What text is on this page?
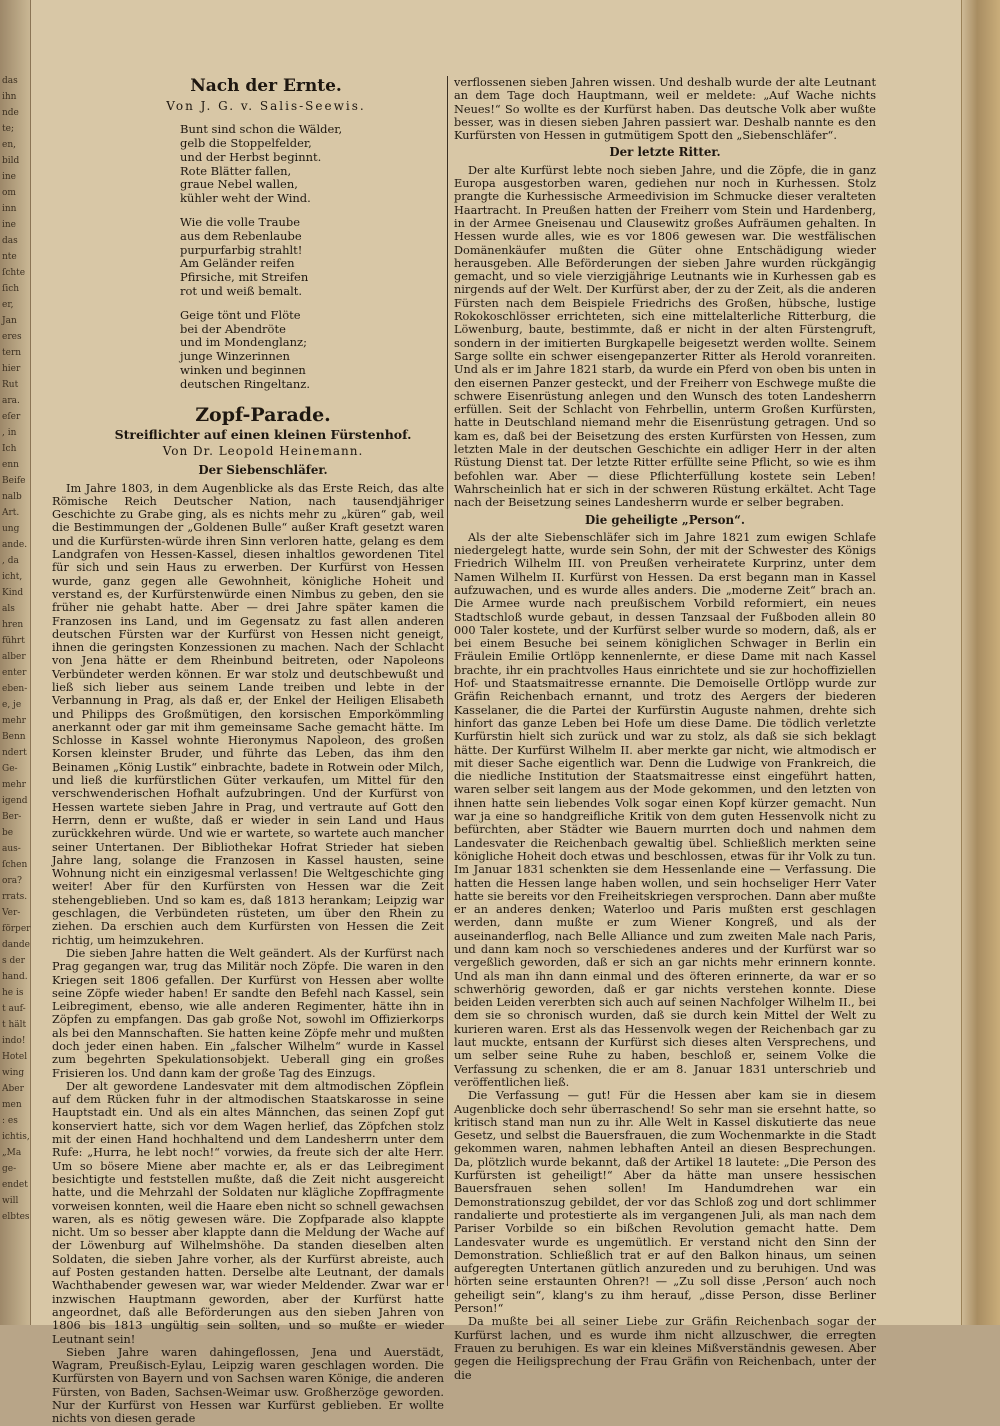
das
ihn
nde
te;
en,
bild
ine
om
inn
ine
das
nte
ſchte
ſich
er,
Jan
eres
tern
hier
Rut
ara.
eſer
, in
Ich
enn
Beife
nalb
Art.
ung
ande.
, da
icht,
Kind
als
hren
führt
alber
enter
eben-
e, je
mehr
Benn
ndert
Ge-
mehr
igend
Ber-
be
aus-
ſchen
ora?
rrats.
Ver-
förper
dande
s der
hand.
he is
t auf-
t hält
indo!
Hotel
wing
Aber
men
: es
ichtis,
„Ma
ge-
endet
will
elbtes
Nach der Ernte.
Von J. G. v. Salis-Seewis.
Bunt sind schon die Wälder,
gelb die Stoppelfelder,
und der Herbst beginnt.
Rote Blätter fallen,
graue Nebel wallen,
kühler weht der Wind.
Wie die volle Traube
aus dem Rebenlaube
purpurfarbig strahlt!
Am Geländer reifen
Pfirsiche, mit Streifen
rot und weiß bemalt.
Geige tönt und Flöte
bei der Abendröte
und im Mondenglanz;
junge Winzerinnen
winken und beginnen
deutschen Ringeltanz.
Zopf-Parade.
Streiflichter auf einen kleinen Fürstenhof.
Von Dr. Leopold Heinemann.
Der Siebenschläfer.

Im Jahre 1803, in dem Augenblicke als das Erste Reich, das alte Römische Reich Deutscher Nation, nach tausendjähriger Geschichte zu Grabe ging, als es nichts mehr zu „küren“ gab, weil die Bestimmungen der „Goldenen Bulle“ außer Kraft gesetzt waren und die Kurfürsten-würde ihren Sinn verloren hatte, gelang es dem Landgrafen von Hessen-Kassel, diesen inhaltlos gewordenen Titel für sich und sein Haus zu erwerben. Der Kurfürst von Hessen wurde, ganz gegen alle Gewohnheit, königliche Hoheit und verstand es, der Kurfürstenwürde einen Nimbus zu geben, den sie früher nie gehabt hatte. Aber — drei Jahre später kamen die Franzosen ins Land, und im Gegensatz zu fast allen anderen deutschen Fürsten war der Kurfürst von Hessen nicht geneigt, ihnen die geringsten Konzessionen zu machen. Nach der Schlacht von Jena hätte er dem Rheinbund beitreten, oder Napoleons Verbündeter werden können. Er war stolz und deutschbewußt und ließ sich lieber aus seinem Lande treiben und lebte in der Verbannung in Prag, als daß er, der Enkel der Heiligen Elisabeth und Philipps des Großmütigen, den korsischen Emporkömmling anerkannt oder gar mit ihm gemeinsame Sache gemacht hätte. Im Schlosse in Kassel wohnte Hieronymus Napoleon, des großen Korsen kleinster Bruder, und führte das Leben, das ihm den Beinamen „König Lustik“ einbrachte, badete in Rotwein oder Milch, und ließ die kurfürstlichen Güter verkaufen, um Mittel für den verschwenderischen Hofhalt aufzubringen. Und der Kurfürst von Hessen wartete sieben Jahre in Prag, und vertraute auf Gott den Herrn, denn er wußte, daß er wieder in sein Land und Haus zurückkehren würde. Und wie er wartete, so wartete auch mancher seiner Untertanen. Der Bibliothekar Hofrat Strieder hat sieben Jahre lang, solange die Franzosen in Kassel hausten, seine Wohnung nicht ein einzigesmal verlassen! Die Weltgeschichte ging weiter! Aber für den Kurfürsten von Hessen war die Zeit stehengeblieben. Und so kam es, daß 1813 herankam; Leipzig war geschlagen, die Verbündeten rüsteten, um über den Rhein zu ziehen. Da erschien auch dem Kurfürsten von Hessen die Zeit richtig, um heimzukehren.

Die sieben Jahre hatten die Welt geändert. Als der Kurfürst nach Prag gegangen war, trug das Militär noch Zöpfe. Die waren in den Kriegen seit 1806 gefallen. Der Kurfürst von Hessen aber wollte seine Zöpfe wieder haben! Er sandte den Befehl nach Kassel, sein Leibregiment, ebenso, wie alle anderen Regimenter, hätte ihn in Zöpfen zu empfangen. Das gab große Not, sowohl im Offizierkorps als bei den Mannschaften. Sie hatten keine Zöpfe mehr und mußten doch jeder einen haben. Ein „falscher Wilhelm“ wurde in Kassel zum begehrten Spekulationsobjekt. Ueberall ging ein großes Frisieren los. Und dann kam der große Tag des Einzugs.

Der alt gewordene Landesvater mit dem altmodischen Zöpflein auf dem Rücken fuhr in der altmodischen Staatskarosse in seine Hauptstadt ein. Und als ein altes Männchen, das seinen Zopf gut konserviert hatte, sich vor dem Wagen herlief, das Zöpfchen stolz mit der einen Hand hochhaltend und dem Landesherrn unter dem Rufe: „Hurra, he lebt noch!“ vorwies, da freute sich der alte Herr. Um so bösere Miene aber machte er, als er das Leibregiment besichtigte und feststellen mußte, daß die Zeit nicht ausgereicht hatte, und die Mehrzahl der Soldaten nur klägliche Zopffragmente vorweisen konnten, weil die Haare eben nicht so schnell gewachsen waren, als es nötig gewesen wäre. Die Zopfparade also klappte nicht. Um so besser aber klappte dann die Meldung der Wache auf der Löwenburg auf Wilhelmshöhe. Da standen dieselben alten Soldaten, die sieben Jahre vorher, als der Kurfürst abreiste, auch auf Posten gestanden hatten. Derselbe alte Leutnant, der damals Wachthabender gewesen war, war wieder Meldender. Zwar war er inzwischen Hauptmann geworden, aber der Kurfürst hatte angeordnet, daß alle Beförderungen aus den sieben Jahren von 1806 bis 1813 ungültig sein sollten, und so mußte er wieder Leutnant sein!

Sieben Jahre waren dahingeflossen, Jena und Auerstädt, Wagram, Preußisch-Eylau, Leipzig waren geschlagen worden. Die Kurfürsten von Bayern und von Sachsen waren Könige, die anderen Fürsten, von Baden, Sachsen-Weimar usw. Großherzöge geworden. Nur der Kurfürst von Hessen war Kurfürst geblieben. Er wollte nichts von diesen gerade

verflossenen sieben Jahren wissen. Und deshalb wurde der alte Leutnant an dem Tage doch Hauptmann, weil er meldete: „Auf Wache nichts Neues!“ So wollte es der Kurfürst haben. Das deutsche Volk aber wußte besser, was in diesen sieben Jahren passiert war. Deshalb nannte es den Kurfürsten von Hessen in gutmütigem Spott den „Siebenschläfer“.

Der letzte Ritter.

Der alte Kurfürst lebte noch sieben Jahre, und die Zöpfe, die in ganz Europa ausgestorben waren, gediehen nur noch in Kurhessen. Stolz prangte die Kurhessische Armeedivision im Schmucke dieser veralteten Haartracht. In Preußen hatten der Freiherr vom Stein und Hardenberg, in der Armee Gneisenau und Clausewitz großes Aufräumen gehalten. In Hessen wurde alles, wie es vor 1806 gewesen war. Die westfälischen Domänenkäufer mußten die Güter ohne Entschädigung wieder herausgeben. Alle Beförderungen der sieben Jahre wurden rückgängig gemacht, und so viele vierzigjährige Leutnants wie in Kurhessen gab es nirgends auf der Welt. Der Kurfürst aber, der zu der Zeit, als die anderen Fürsten nach dem Beispiele Friedrichs des Großen, hübsche, lustige Rokokoschlösser errichteten, sich eine mittelalterliche Ritterburg, die Löwenburg, baute, bestimmte, daß er nicht in der alten Fürstengruft, sondern in der imitierten Burgkapelle beigesetzt werden wollte. Seinem Sarge sollte ein schwer eisengepanzerter Ritter als Herold voranreiten. Und als er im Jahre 1821 starb, da wurde ein Pferd von oben bis unten in den eisernen Panzer gesteckt, und der Freiherr von Eschwege mußte die schwere Eisenrüstung anlegen und den Wunsch des toten Landesherrn erfüllen. Seit der Schlacht von Fehrbellin, unterm Großen Kurfürsten, hatte in Deutschland niemand mehr die Eisenrüstung getragen. Und so kam es, daß bei der Beisetzung des ersten Kurfürsten von Hessen, zum letzten Male in der deutschen Geschichte ein adliger Herr in der alten Rüstung Dienst tat. Der letzte Ritter erfüllte seine Pflicht, so wie es ihm befohlen war. Aber — diese Pflichterfüllung kostete sein Leben! Wahrscheinlich hat er sich in der schweren Rüstung erkältet. Acht Tage nach der Beisetzung seines Landesherrn wurde er selber begraben.

Die geheiligte „Person“.

Als der alte Siebenschläfer sich im Jahre 1821 zum ewigen Schlafe niedergelegt hatte, wurde sein Sohn, der mit der Schwester des Königs Friedrich Wilhelm III. von Preußen verheiratete Kurprinz, unter dem Namen Wilhelm II. Kurfürst von Hessen. Da erst begann man in Kassel aufzuwachen, und es wurde alles anders. Die „moderne Zeit“ brach an. Die Armee wurde nach preußischem Vorbild reformiert, ein neues Stadtschloß wurde gebaut, in dessen Tanzsaal der Fußboden allein 80 000 Taler kostete, und der Kurfürst selber wurde so modern, daß, als er bei einem Besuche bei seinem königlichen Schwager in Berlin ein Fräulein Emilie Ortlöpp kennenlernte, er diese Dame mit nach Kassel brachte, ihr ein prachtvolles Haus einrichtete und sie zur hochoffiziellen Hof- und Staatsmaitresse ernannte. Die Demoiselle Ortlöpp wurde zur Gräfin Reichenbach ernannt, und trotz des Aergers der biederen Kasselaner, die die Partei der Kurfürstin Auguste nahmen, drehte sich hinfort das ganze Leben bei Hofe um diese Dame. Die tödlich verletzte Kurfürstin hielt sich zurück und war zu stolz, als daß sie sich beklagt hätte. Der Kurfürst Wilhelm II. aber merkte gar nicht, wie altmodisch er mit dieser Sache eigentlich war. Denn die Ludwige von Frankreich, die die niedliche Institution der Staatsmaitresse einst eingeführt hatten, waren selber seit langem aus der Mode gekommen, und den letzten von ihnen hatte sein liebendes Volk sogar einen Kopf kürzer gemacht. Nun war ja eine so handgreifliche Kritik von dem guten Hessenvolk nicht zu befürchten, aber Städter wie Bauern murrten doch und nahmen dem Landesvater die Reichenbach gewaltig übel. Schließlich merkten seine königliche Hoheit doch etwas und beschlossen, etwas für ihr Volk zu tun. Im Januar 1831 schenkten sie dem Hessenlande eine — Verfassung. Die hatten die Hessen lange haben wollen, und sein hochseliger Herr Vater hatte sie bereits vor den Freiheitskriegen versprochen. Dann aber mußte er an anderes denken; Waterloo und Paris mußten erst geschlagen werden, dann mußte er zum Wiener Kongreß, und als der auseinanderflog, nach Belle Alliance und zum zweiten Male nach Paris, und dann kam noch so verschiedenes anderes und der Kurfürst war so vergeßlich geworden, daß er sich an gar nichts mehr erinnern konnte. Und als man ihn dann einmal und des öfteren erinnerte, da war er so schwerhörig geworden, daß er gar nichts verstehen konnte. Diese beiden Leiden vererbten sich auch auf seinen Nachfolger Wilhelm II., bei dem sie so chronisch wurden, daß sie durch kein Mittel der Welt zu kurieren waren. Erst als das Hessenvolk wegen der Reichenbach gar zu laut muckte, entsann der Kurfürst sich dieses alten Versprechens, und um selber seine Ruhe zu haben, beschloß er, seinem Volke die Verfassung zu schenken, die er am 8. Januar 1831 unterschrieb und veröffentlichen ließ.

Die Verfassung — gut! Für die Hessen aber kam sie in diesem Augenblicke doch sehr überraschend! So sehr man sie ersehnt hatte, so kritisch stand man nun zu ihr. Alle Welt in Kassel diskutierte das neue Gesetz, und selbst die Bauersfrauen, die zum Wochenmarkte in die Stadt gekommen waren, nahmen lebhaften Anteil an diesen Besprechungen. Da, plötzlich wurde bekannt, daß der Artikel 18 lautete: „Die Person des Kurfürsten ist geheiligt!“ Aber da hätte man unsere hessischen Bauersfrauen sehen sollen! Im Handumdrehen war ein Demonstrationszug gebildet, der vor das Schloß zog und dort schlimmer randalierte und protestierte als im vergangenen Juli, als man nach dem Pariser Vorbilde so ein bißchen Revolution gemacht hatte. Dem Landesvater wurde es ungemütlich. Er verstand nicht den Sinn der Demonstration. Schließlich trat er auf den Balkon hinaus, um seinen aufgeregten Untertanen gütlich anzureden und zu beruhigen. Und was hörten seine erstaunten Ohren?! — „Zu soll disse ‚Person‘ auch noch geheiligt sein“, klang's zu ihm herauf, „disse Person, disse Berliner Person!“

Da mußte bei all seiner Liebe zur Gräfin Reichenbach sogar der Kurfürst lachen, und es wurde ihm nicht allzuschwer, die erregten Frauen zu beruhigen. Es war ein kleines Mißverständnis gewesen. Aber gegen die Heiligsprechung der Frau Gräfin von Reichenbach, unter der die
